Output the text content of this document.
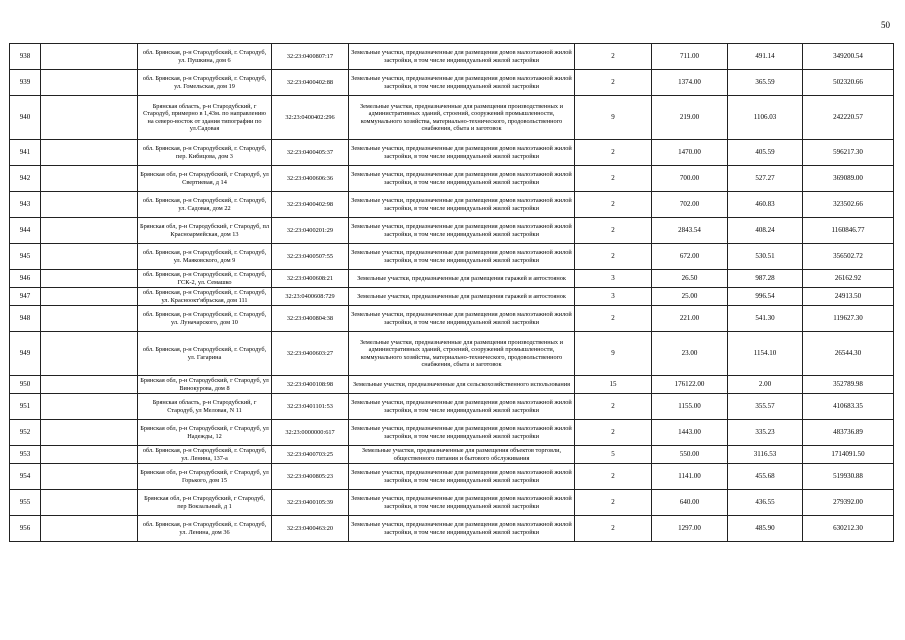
50
938		обл. Брянская, р-н Стародубский, г. Стародуб, ул. Пушкина, дом 6	32:23:0400807:17	Земельные участки, предназначенные для размещения домов малоэтажной жилой застройки, в том числе индивидуальной жилой застройки	2	711.00	491.14	349200.54
939		обл. Брянская, р-н Стародубский, г. Стародуб, ул. Гомельская, дом 19	32:23:0400402:88	Земельные участки, предназначенные для размещения домов малоэтажной жилой застройки, в том числе индивидуальной жилой застройки	2	1374.00	365.59	502320.66
940		Брянская область, р-н Стародубский, г Стародуб, примерно в 1,43м. по направлению на северо-восток от здания типографии по ул.Садовая	32:23:0400402:296	Земельные участки, предназначенные для размещения производственных и административных зданий, строений, сооружений промышленности, коммунального хозяйства, материально-технического, продовольственного снабжения, сбыта и заготовок	9	219.00	1106.03	242220.57
941		обл. Брянская, р-н Стародубский, г. Стародуб, пер. Кибицова, дом 3	32:23:0400405:37	Земельные участки, предназначенные для размещения домов малоэтажной жилой застройки, в том числе индивидуальной жилой застройки	2	1470.00	405.59	596217.30
942		Брянская обл, р-н Стародубский, г Стародуб, ул Свертиевая, д 14	32:23:0400606:36	Земельные участки, предназначенные для размещения домов малоэтажной жилой застройки, в том числе индивидуальной жилой застройки	2	700.00	527.27	369089.00
943		обл. Брянская, р-н Стародубский, г. Стародуб, ул. Садовая, дом 22	32:23:0400402:98	Земельные участки, предназначенные для размещения домов малоэтажной жилой застройки, в том числе индивидуальной жилой застройки	2	702.00	460.83	323502.66
944		Брянская обл, р-н Стародубский, г Стародуб, пл Красноармейская, дом 13	32:23:0400201:29	Земельные участки, предназначенные для размещения домов малоэтажной жилой застройки, в том числе индивидуальной жилой застройки	2	2843.54	408.24	1160846.77
945		обл. Брянская, р-н Стародубский, г. Стародуб, ул. Маяковского, дом 9	32:23:0400507:55	Земельные участки, предназначенные для размещения домов малоэтажной жилой застройки, в том числе индивидуальной жилой застройки	2	672.00	530.51	356502.72
946		обл. Брянская, р-н Стародубский, г. Стародуб, ГСК-2, ул. Семашко	32:23:0400608:21	Земельные участки, предназначенные для размещения гаражей и автостоянок	3	26.50	987.28	26162.92
947		обл. Брянская, р-н Стародубский, г. Стародуб, ул. Красноокт'ябрьская, дом 111	32:23:0400608:729	Земельные участки, предназначенные для размещения гаражей и автостоянок	3	25.00	996.54	24913.50
948		обл. Брянская, р-н Стародубский, г. Стародуб, ул. Луначарского, дом 10	32:23:0400804:38	Земельные участки, предназначенные для размещения домов малоэтажной жилой застройки, в том числе индивидуальной жилой застройки	2	221.00	541.30	119627.30
949		обл. Брянская, р-н Стародубский, г. Стародуб, ул. Гагарина	32:23:0400603:27	Земельные участки, предназначенные для размещения производственных и административных зданий, строений, сооружений промышленности, коммунального хозяйства, материально-технического, продовольственного снабжения, сбыта и заготовок	9	23.00	1154.10	26544.30
950		Брянская обл, р-н Стародубский, г Стародуб, ул Винокурова, дом 8	32:23:0400108:98	Земельные участки, предназначенные для сельскохозяйственного использования	15	176122.00	2.00	352789.98
951		Брянская область, р-н Стародубский, г Стародуб, ул Меловая, N 11	32:23:0401101:53	Земельные участки, предназначенные для размещения домов малоэтажной жилой застройки, в том числе индивидуальной жилой застройки	2	1155.00	355.57	410683.35
952		Брянская обл, р-н Стародубский, г Стародуб, ул Надежды, 12	32:23:0000000:617	Земельные участки, предназначенные для размещения домов малоэтажной жилой застройки, в том числе индивидуальной жилой застройки	2	1443.00	335.23	483736.89
953		обл. Брянская, р-н Стародубский, г. Стародуб, ул. Ленина, 137-а	32:23:0400703:25	Земельные участки, предназначенные для размещения объектов торговли, общественного питания и бытового обслуживания	5	550.00	3116.53	1714091.50
954		Брянская обл, р-н Стародубский, г Стародуб, ул Горького, дом 15	32:23:0400805:23	Земельные участки, предназначенные для размещения домов малоэтажной жилой застройки, в том числе индивидуальной жилой застройки	2	1141.00	455.68	519930.88
955		Брянская обл, р-н Стародубский, г Стародуб, пер Вокзальный, д 1	32:23:0400105:39	Земельные участки, предназначенные для размещения домов малоэтажной жилой застройки, в том числе индивидуальной жилой застройки	2	640.00	436.55	279392.00
956		обл. Брянская, р-н Стародубский, г. Стародуб, ул. Ленина, дом 36	32:23:0400463:20	Земельные участки, предназначенные для размещения домов малоэтажной жилой застройки, в том числе индивидуальной жилой застройки	2	1297.00	485.90	630212.30
